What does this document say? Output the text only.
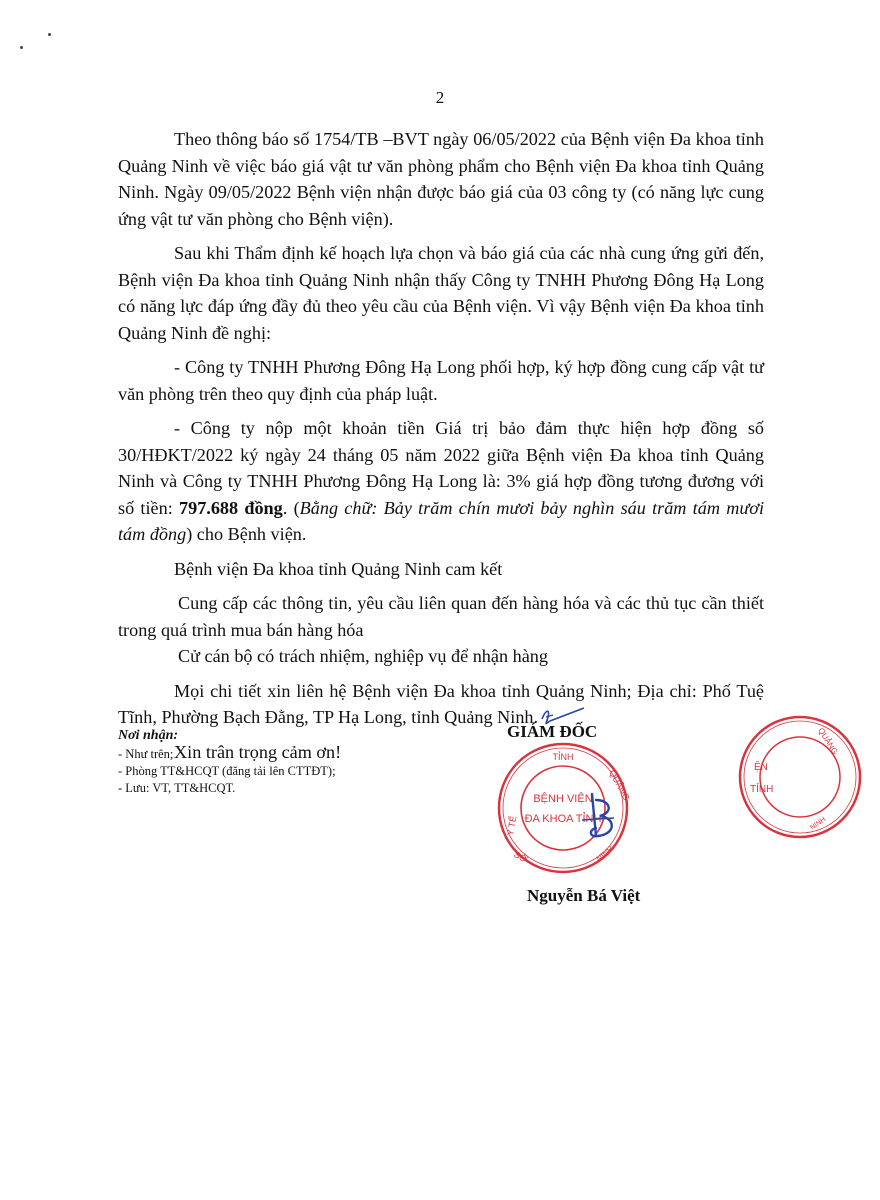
2

Theo thông báo số 1754/TB –BVT ngày 06/05/2022 của Bệnh viện Đa khoa tỉnh Quảng Ninh về việc báo giá vật tư văn phòng phẩm cho Bệnh viện Đa khoa tỉnh Quảng Ninh. Ngày 09/05/2022 Bệnh viện nhận được báo giá của 03 công ty (có năng lực cung ứng vật tư văn phòng cho Bệnh viện).

Sau khi Thẩm định kế hoạch lựa chọn và báo giá của các nhà cung ứng gửi đến, Bệnh viện Đa khoa tỉnh Quảng Ninh nhận thấy Công ty TNHH Phương Đông Hạ Long có năng lực đáp ứng đầy đủ theo yêu cầu của Bệnh viện. Vì vậy Bệnh viện Đa khoa tỉnh Quảng Ninh đề nghị:

- Công ty TNHH Phương Đông Hạ Long phối hợp, ký hợp đồng cung cấp vật tư văn phòng trên theo quy định của pháp luật.

- Công ty nộp một khoản tiền Giá trị bảo đảm thực hiện hợp đồng số 30/HĐKT/2022 ký ngày 24 tháng 05 năm 2022 giữa Bệnh viện Đa khoa tỉnh Quảng Ninh và Công ty TNHH Phương Đông Hạ Long là: 3% giá hợp đồng tương đương với số tiền: 797.688 đồng. (Bằng chữ: Bảy trăm chín mươi bảy nghìn sáu trăm tám mươi tám đồng) cho Bệnh viện.

Bệnh viện Đa khoa tỉnh Quảng Ninh cam kết

Cung cấp các thông tin, yêu cầu liên quan đến hàng hóa và các thủ tục cần thiết trong quá trình mua bán hàng hóa

Cử cán bộ có trách nhiệm, nghiệp vụ để nhận hàng

Mọi chi tiết xin liên hệ Bệnh viện Đa khoa tỉnh Quảng Ninh; Địa chỉ: Phố Tuệ Tĩnh, Phường Bạch Đằng, TP Hạ Long, tỉnh Quảng Ninh.

Xin trân trọng cảm ơn!

Nơi nhận:
- Như trên;
- Phòng TT&HCQT (đăng tải lên CTTĐT);
- Lưu: VT, TT&HCQT.
GIÁM ĐỐC
TỈNH
QUẢNG
Y TẾ
SỞ	NINH
BỆNH VIỆN
ĐA KHOA TỈNH
QUẢNG
ỆN
TỈNH
NINH
Nguyễn Bá Việt
